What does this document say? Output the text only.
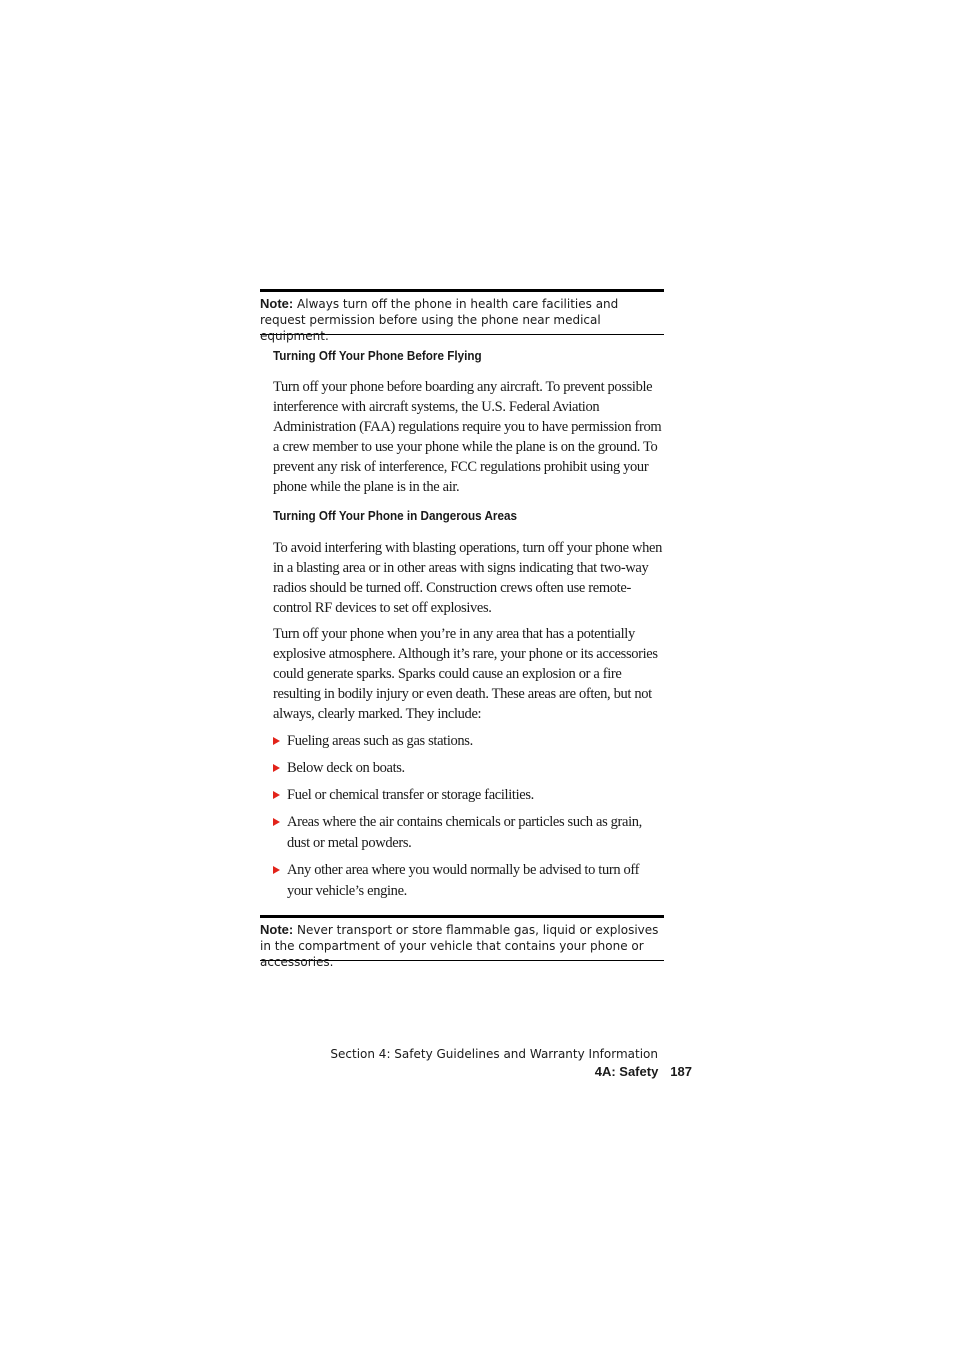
Note: Always turn off the phone in health care facilities and request permission before using the phone near medical equipment.
Turning Off Your Phone Before Flying

Turn off your phone before boarding any aircraft. To prevent possible interference with aircraft systems, the U.S. Federal Aviation Administration (FAA) regulations require you to have permission from a crew member to use your phone while the plane is on the ground. To prevent any risk of interference, FCC regulations prohibit using your phone while the plane is in the air.

Turning Off Your Phone in Dangerous Areas

To avoid interfering with blasting operations, turn off your phone when in a blasting area or in other areas with signs indicating that two-way radios should be turned off. Construction crews often use remote-control RF devices to set off explosives.

Turn off your phone when you’re in any area that has a potentially explosive atmosphere. Although it’s rare, your phone or its accessories could generate sparks. Sparks could cause an explosion or a fire resulting in bodily injury or even death. These areas are often, but not always, clearly marked. They include:

Fueling areas such as gas stations.
Below deck on boats.
Fuel or chemical transfer or storage facilities.
Areas where the air contains chemicals or particles such as grain, dust or metal powders.
Any other area where you would normally be advised to turn off your vehicle’s engine.
Note: Never transport or store flammable gas, liquid or explosives in the compartment of your vehicle that contains your phone or accessories.
Section 4: Safety Guidelines and Warranty Information
4A: Safety 187
